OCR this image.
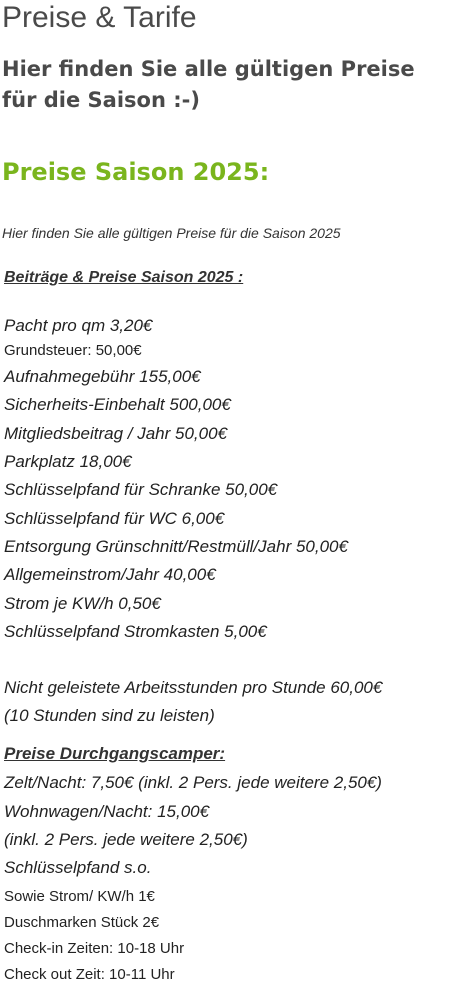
Preise & Tarife
Hier finden Sie alle gültigen Preise für die Saison :-)
Preise Saison 2025:
Hier finden Sie alle gültigen Preise für die Saison 2025
Beiträge & Preise Saison 2025 :
Pacht pro qm 3,20€
Grundsteuer: 50,00€
Aufnahmegebühr 155,00€
Sicherheits-Einbehalt 500,00€
Mitgliedsbeitrag / Jahr 50,00€
Parkplatz 18,00€
Schlüsselpfand für Schranke 50,00€
Schlüsselpfand für WC 6,00€
Entsorgung Grünschnitt/Restmüll/Jahr 50,00€
Allgemeinstrom/Jahr 40,00€
Strom je KW/h 0,50€
Schlüsselpfand Stromkasten 5,00€
Nicht geleistete Arbeitsstunden pro Stunde 60,00€
(10 Stunden sind zu leisten)
Preise Durchgangscamper:
Zelt/Nacht: 7,50€ (inkl. 2 Pers. jede weitere 2,50€)
Wohnwagen/Nacht: 15,00€
(inkl. 2 Pers. jede weitere 2,50€)
Schlüsselpfand s.o.
Sowie Strom/ KW/h 1€
Duschmarken Stück 2€
Check-in Zeiten: 10-18 Uhr
Check out Zeit: 10-11 Uhr
